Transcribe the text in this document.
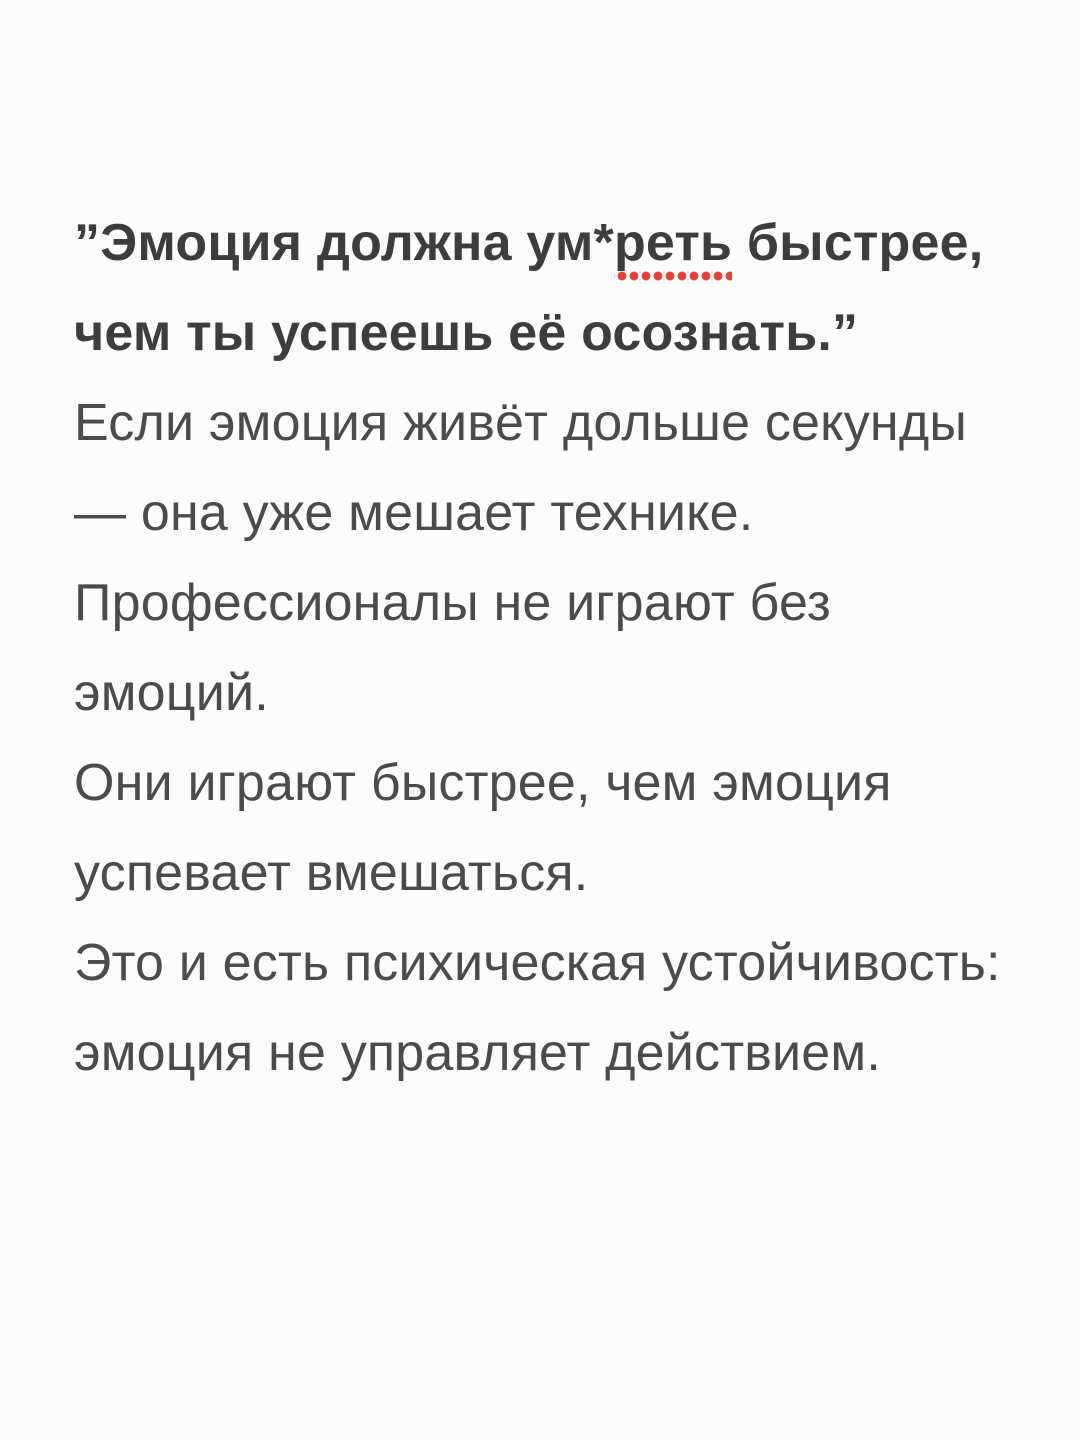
”Эмоция должна ум*реть быстрее,
чем ты успеешь её осознать.”
Если эмоция живёт дольше секунды
— она уже мешает технике.
Профессионалы не играют без
эмоций.
Они играют быстрее, чем эмоция
успевает вмешаться.
Это и есть психическая устойчивость:
эмоция не управляет действием.
